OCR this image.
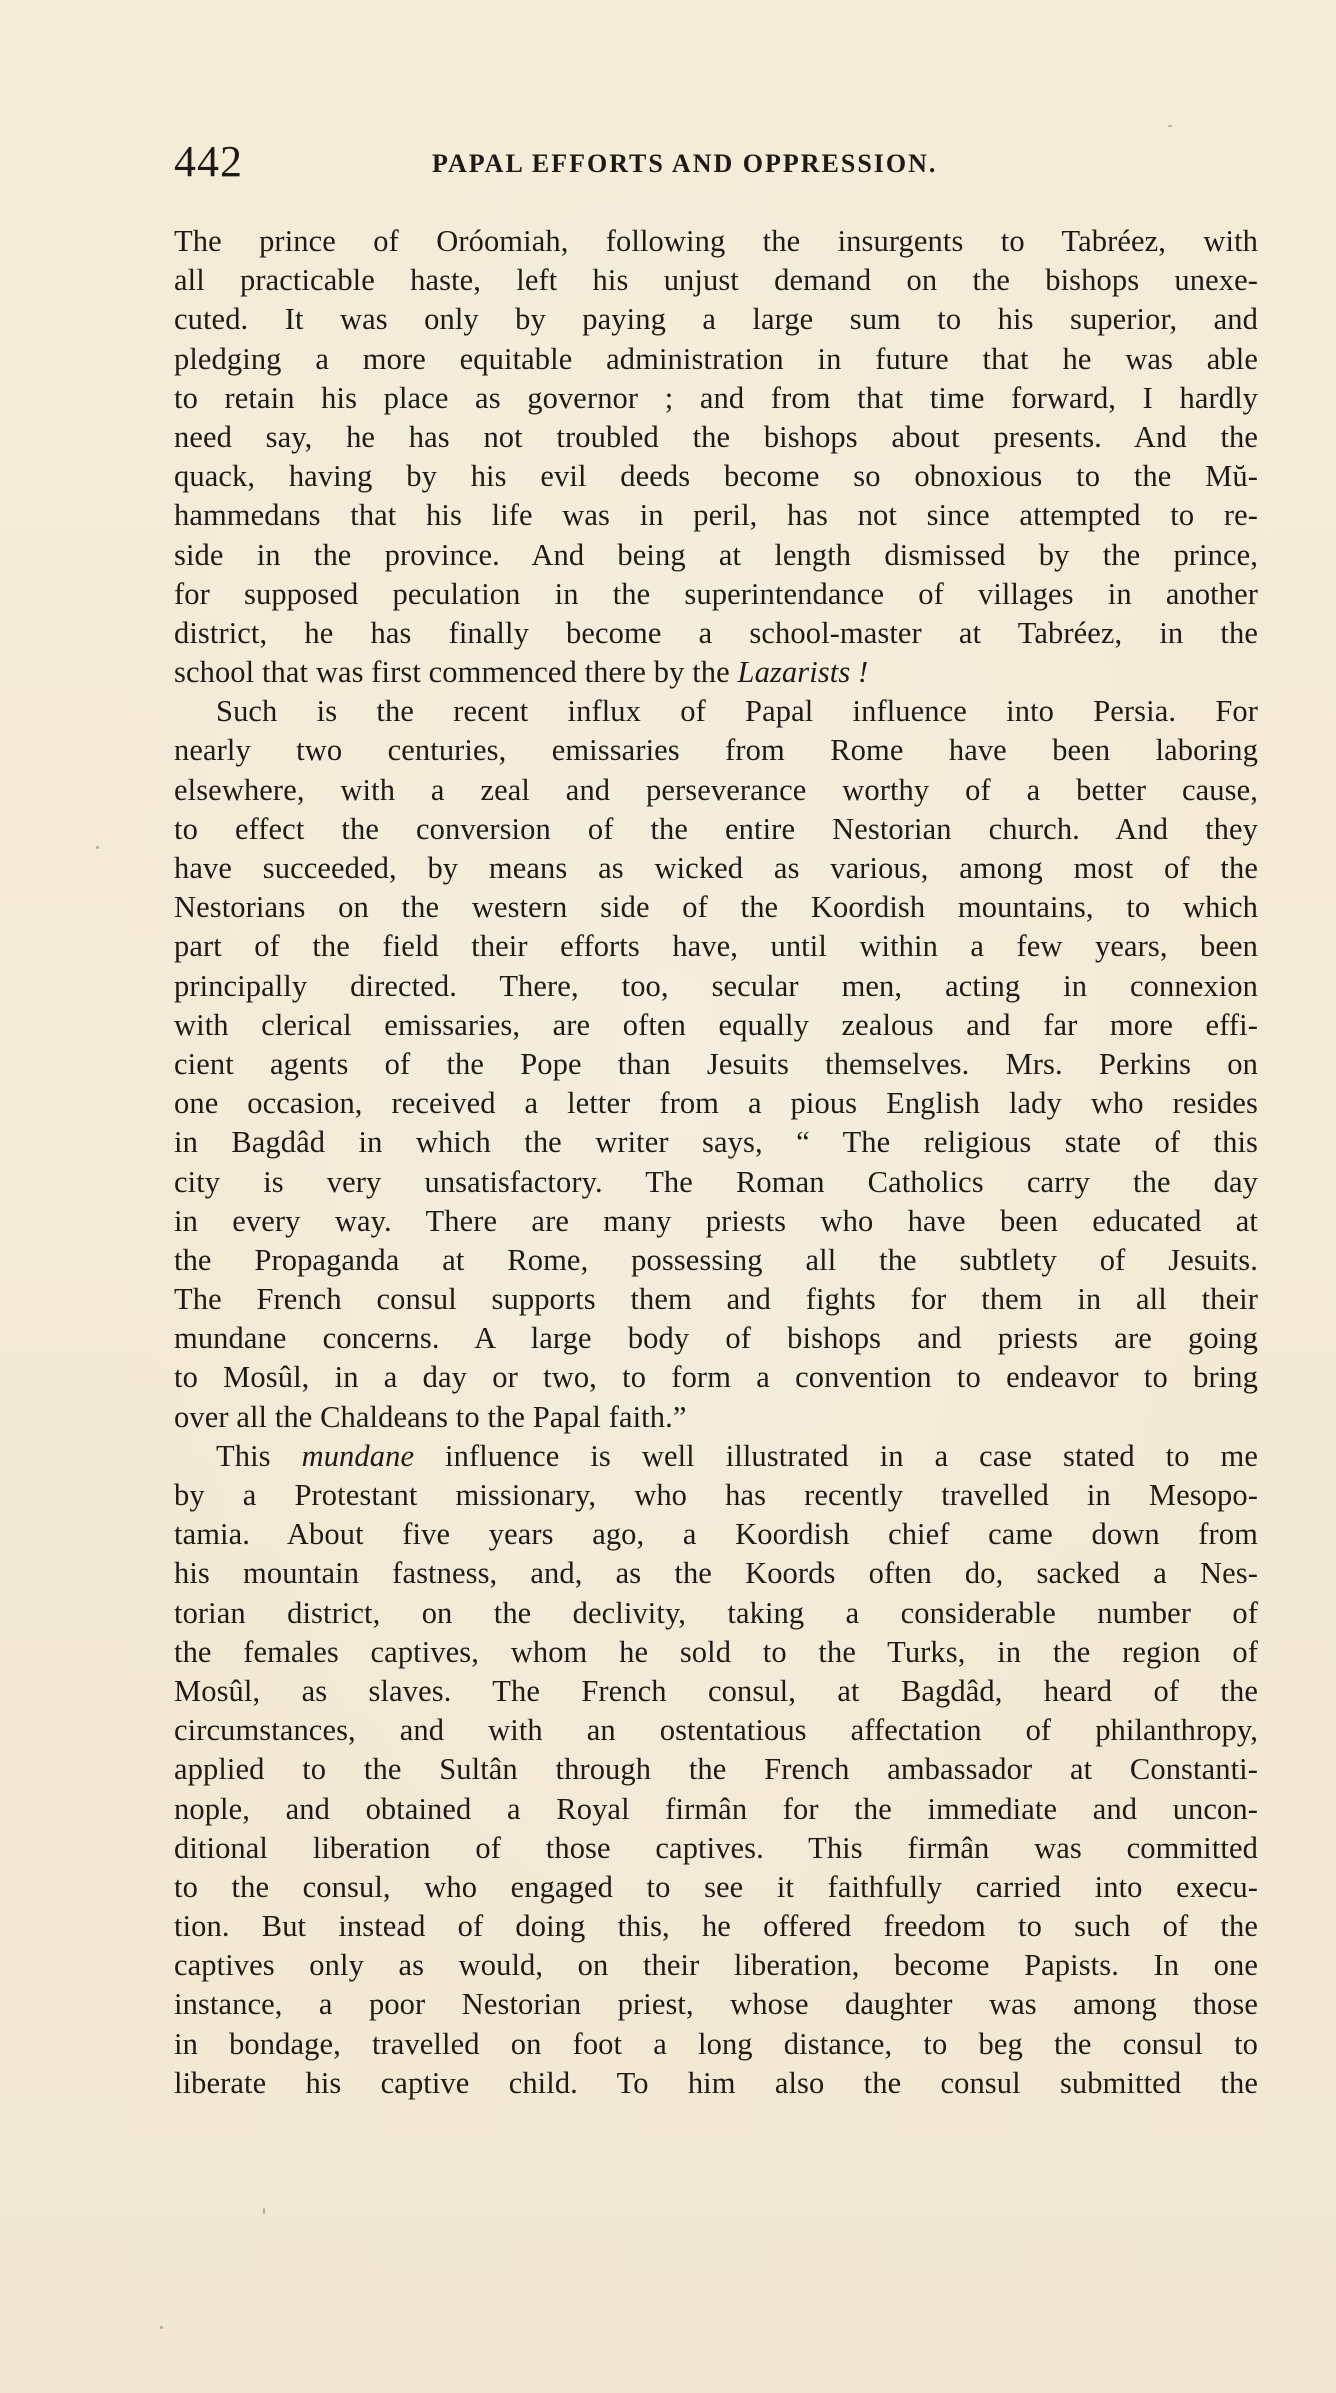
442	PAPAL EFFORTS AND OPPRESSION.
The prince of Oróomiah, following the insurgents to Tabréez, with
all practicable haste, left his unjust demand on the bishops unexe-
cuted. It was only by paying a large sum to his superior, and
pledging a more equitable administration in future that he was able
to retain his place as governor ; and from that time forward, I hardly
need say, he has not troubled the bishops about presents. And the
quack, having by his evil deeds become so obnoxious to the Mŭ-
hammedans that his life was in peril, has not since attempted to re-
side in the province. And being at length dismissed by the prince,
for supposed peculation in the superintendance of villages in another
district, he has finally become a school-master at Tabréez, in the
school that was first commenced there by the Lazarists !
Such is the recent influx of Papal influence into Persia. For
nearly two centuries, emissaries from Rome have been laboring
elsewhere, with a zeal and perseverance worthy of a better cause,
to effect the conversion of the entire Nestorian church. And they
have succeeded, by means as wicked as various, among most of the
Nestorians on the western side of the Koordish mountains, to which
part of the field their efforts have, until within a few years, been
principally directed. There, too, secular men, acting in connexion
with clerical emissaries, are often equally zealous and far more effi-
cient agents of the Pope than Jesuits themselves. Mrs. Perkins on
one occasion, received a letter from a pious English lady who resides
in Bagdâd in which the writer says, “ The religious state of this
city is very unsatisfactory. The Roman Catholics carry the day
in every way. There are many priests who have been educated at
the Propaganda at Rome, possessing all the subtlety of Jesuits.
The French consul supports them and fights for them in all their
mundane concerns. A large body of bishops and priests are going
to Mosûl, in a day or two, to form a convention to endeavor to bring
over all the Chaldeans to the Papal faith.”
This mundane influence is well illustrated in a case stated to me
by a Protestant missionary, who has recently travelled in Mesopo-
tamia. About five years ago, a Koordish chief came down from
his mountain fastness, and, as the Koords often do, sacked a Nes-
torian district, on the declivity, taking a considerable number of
the females captives, whom he sold to the Turks, in the region of
Mosûl, as slaves. The French consul, at Bagdâd, heard of the
circumstances, and with an ostentatious affectation of philanthropy,
applied to the Sultân through the French ambassador at Constanti-
nople, and obtained a Royal firmân for the immediate and uncon-
ditional liberation of those captives. This firmân was committed
to the consul, who engaged to see it faithfully carried into execu-
tion. But instead of doing this, he offered freedom to such of the
captives only as would, on their liberation, become Papists. In one
instance, a poor Nestorian priest, whose daughter was among those
in bondage, travelled on foot a long distance, to beg the consul to
liberate his captive child. To him also the consul submitted the
